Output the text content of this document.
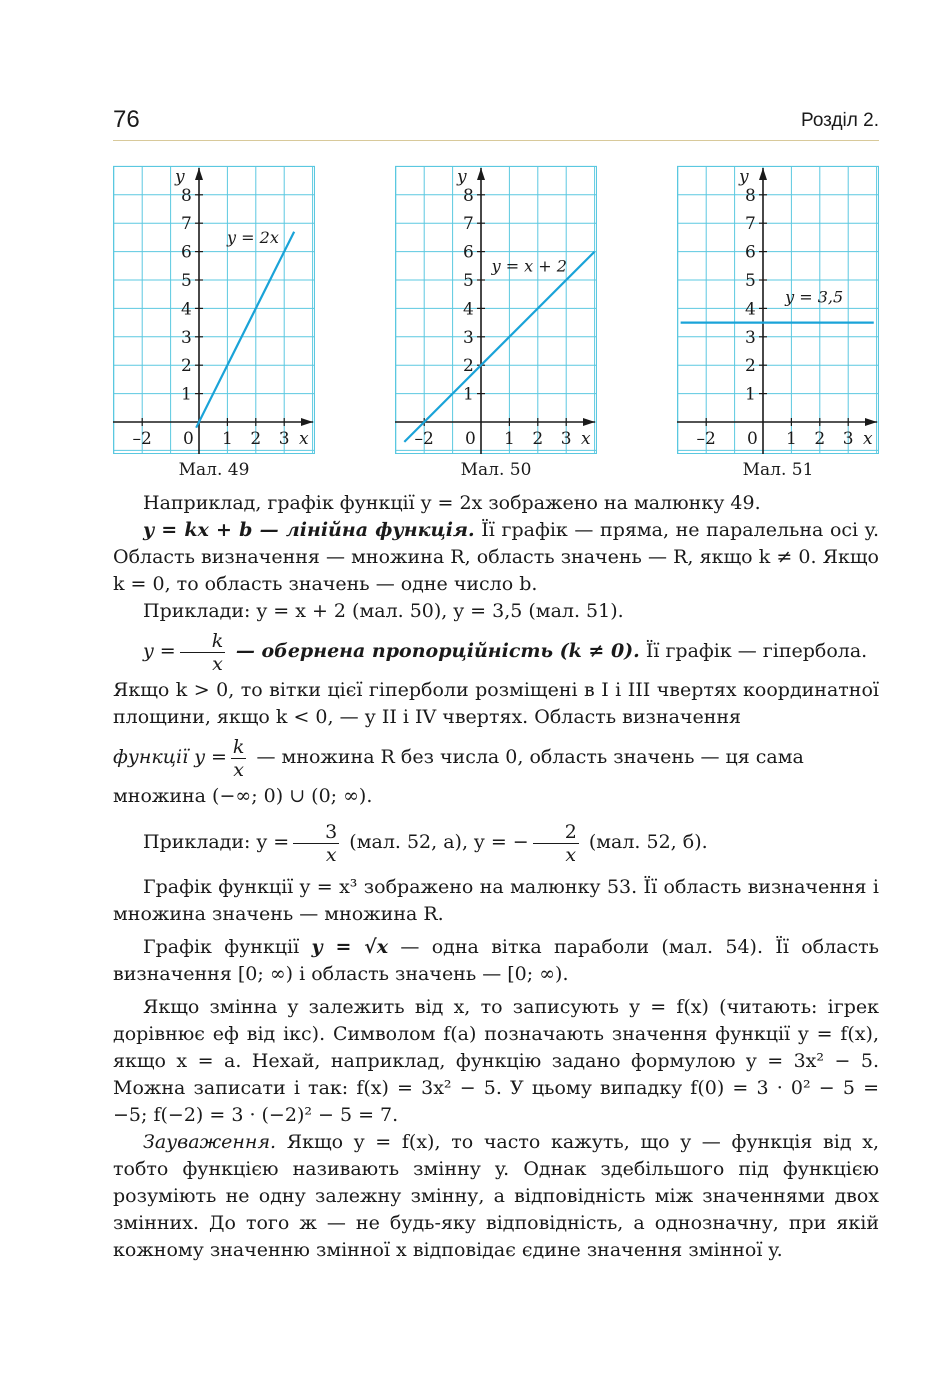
76	Розділ 2.
1
2
3
4
5
6
7
8
–2	1 2 3
0	x
y
y = 2x
1
2
3
4
5
6
7
8
–2	1 2 3
0	x
y
y = x + 2
1
2
3
4
5
6
7
8
–2	1 2 3
0	x
y
y = 3,5
Мал. 49	Мал. 50	Мал. 51

Наприклад, графік функції y = 2x зображено на малюнку 49.

y = kx + b — лінійна функція. Її графік — пряма, не паралельна осі y. Область визначення — множина R, область значень — R, якщо k ≠ 0. Якщо k = 0, то область значень — одне число b.

Приклади: y = x + 2 (мал. 50), y = 3,5 (мал. 51).

$y = \frac{k}{x}$ — обернена пропорційність (k ≠ 0). Її графік — гіпербола.

Якщо k > 0, то вітки цієї гіперболи розміщені в I і III чвертях координатної площини, якщо k < 0, — у II і IV чвертях. Область визначення

функції $y = \frac{k}{x}$ — множина R без числа 0, область значень — ця сама

множина (−∞; 0) ∪ (0; ∞).

Приклади: $y = \frac{3}{x} (мал$. 52, а), y = − $\frac{2}{x} (мал$. 52, б).

Графік функції y = x³ зображено на малюнку 53. Її область визначення і множина значень — множина R.

Графік функції y = √x — одна вітка параболи (мал. 54). Її область визначення [0; ∞) і область значень — [0; ∞).

Якщо змінна y залежить від x, то записують y = f(x) (читають: ігрек дорівнює еф від ікс). Символом f(a) позначають значення функції y = f(x), якщо x = a. Нехай, наприклад, функцію задано формулою y = 3x² − 5. Можна записати і так: f(x) = 3x² − 5. У цьому випадку f(0) = 3 · 0² − 5 = −5; f(−2) = 3 · (−2)² − 5 = 7.

Зауваження. Якщо y = f(x), то часто кажуть, що y — функція від x, тобто функцією називають змінну y. Однак здебільшого під функцією розуміють не одну залежну змінну, а відповідність між значеннями двох змінних. До того ж — не будь-яку відповідність, а однозначну, при якій кожному значенню змінної x відповідає єдине значення змінної y.
